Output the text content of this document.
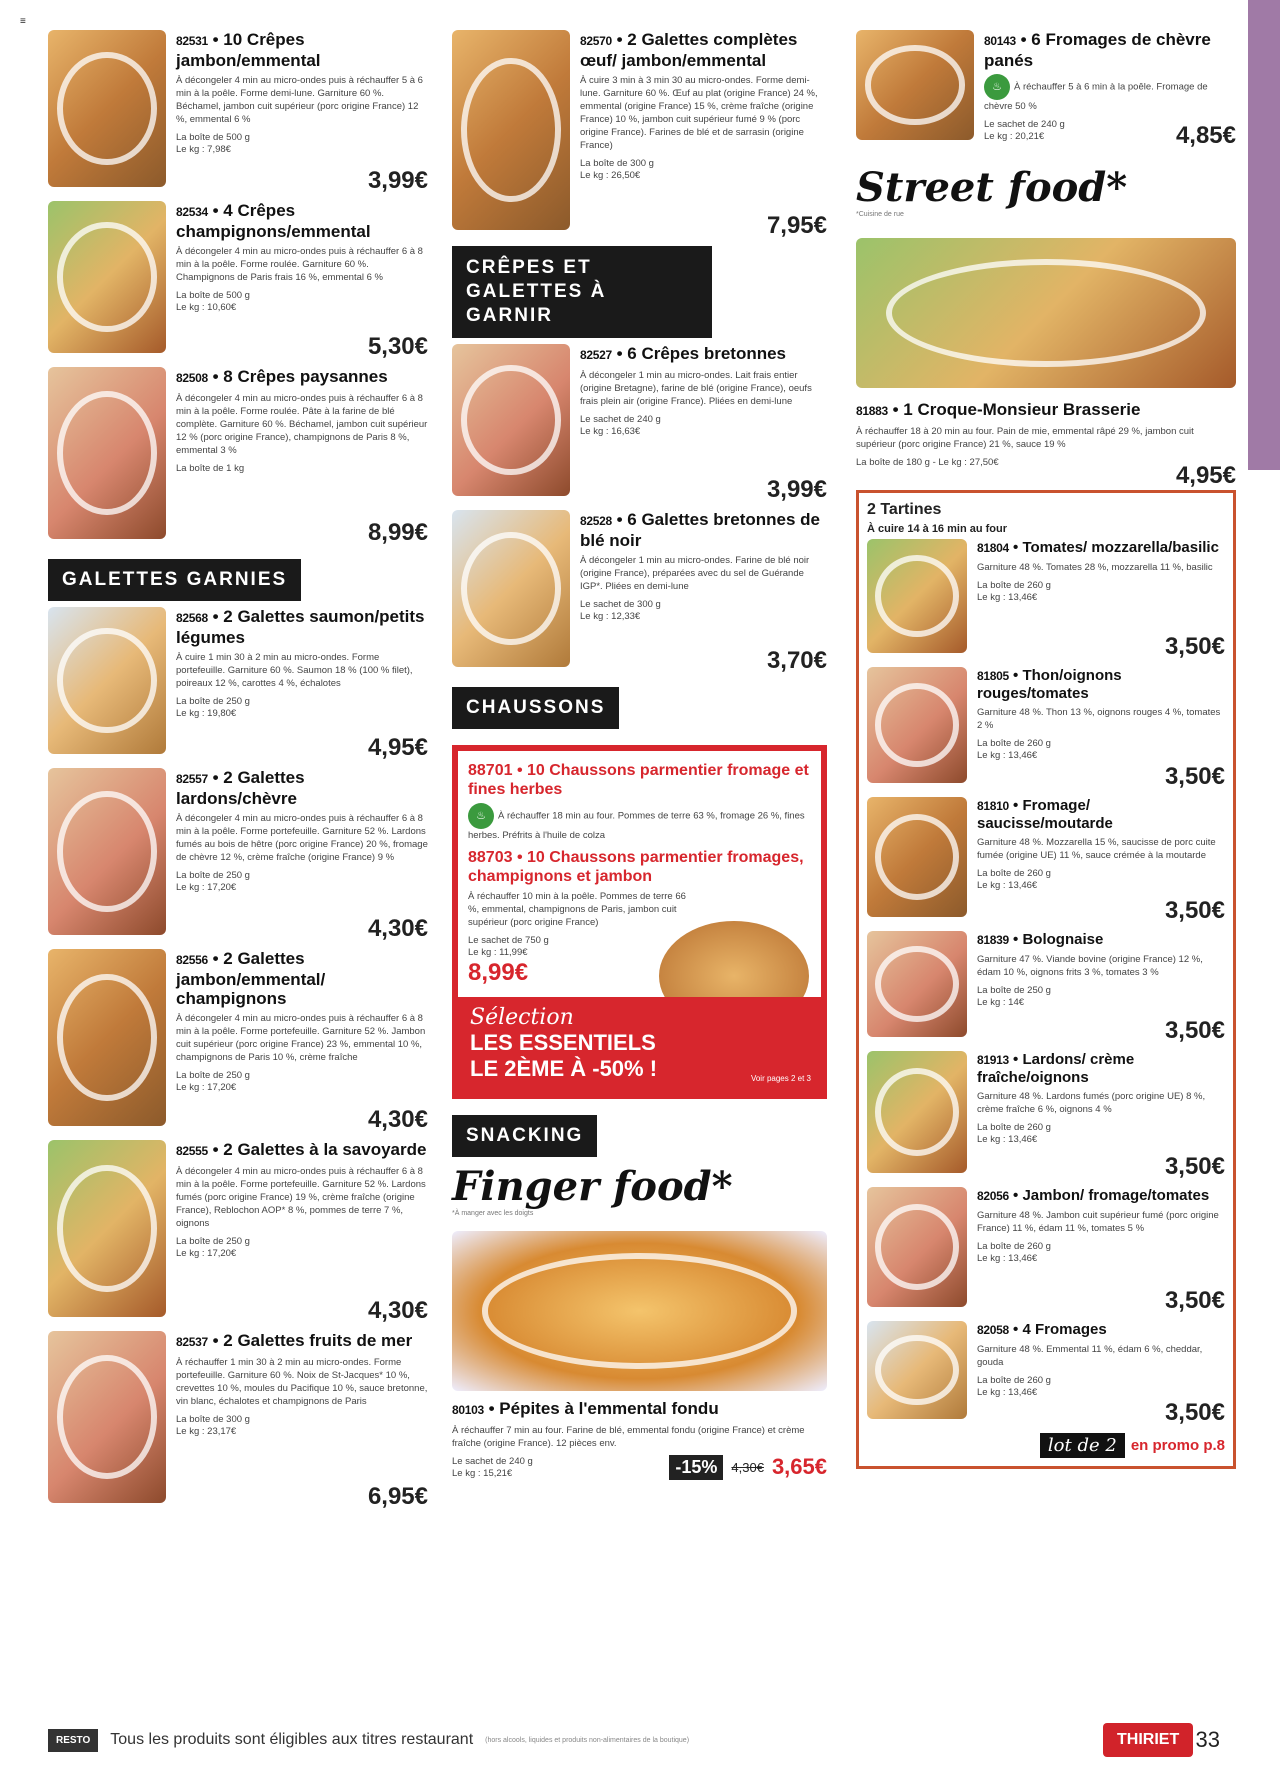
≡
82531 • 10 Crêpes jambon/emmental
À décongeler 4 min au micro-ondes puis à réchauffer 5 à 6 min à la poêle. Forme demi-lune. Garniture 60 %. Béchamel, jambon cuit supérieur (porc origine France) 12 %, emmental 6 %
La boîte de 500 g
Le kg : 7,98€
3,99€
82534 • 4 Crêpes champignons/emmental
À décongeler 4 min au micro-ondes puis à réchauffer 6 à 8 min à la poêle. Forme roulée. Garniture 60 %. Champignons de Paris frais 16 %, emmental 6 %
La boîte de 500 g
Le kg : 10,60€
5,30€
82508 • 8 Crêpes paysannes
À décongeler 4 min au micro-ondes puis à réchauffer 6 à 8 min à la poêle. Forme roulée. Pâte à la farine de blé complète. Garniture 60 %. Béchamel, jambon cuit supérieur 12 % (porc origine France), champignons de Paris 8 %, emmental 3 %
La boîte de 1 kg
8,99€
GALETTES GARNIES
82568 • 2 Galettes saumon/petits légumes
À cuire 1 min 30 à 2 min au micro-ondes. Forme portefeuille. Garniture 60 %. Saumon 18 % (100 % filet), poireaux 12 %, carottes 4 %, échalotes
La boîte de 250 g
Le kg : 19,80€
4,95€
82557 • 2 Galettes lardons/chèvre
À décongeler 4 min au micro-ondes puis à réchauffer 6 à 8 min à la poêle. Forme portefeuille. Garniture 52 %. Lardons fumés au bois de hêtre (porc origine France) 20 %, fromage de chèvre 12 %, crème fraîche (origine France) 9 %
La boîte de 250 g
Le kg : 17,20€
4,30€
82556 • 2 Galettes jambon/emmental/ champignons
À décongeler 4 min au micro-ondes puis à réchauffer 6 à 8 min à la poêle. Forme portefeuille. Garniture 52 %. Jambon cuit supérieur (porc origine France) 23 %, emmental 10 %, champignons de Paris 10 %, crème fraîche
La boîte de 250 g
Le kg : 17,20€
4,30€
82555 • 2 Galettes à la savoyarde
À décongeler 4 min au micro-ondes puis à réchauffer 6 à 8 min à la poêle. Forme portefeuille. Garniture 52 %. Lardons fumés (porc origine France) 19 %, crème fraîche (origine France), Reblochon AOP* 8 %, pommes de terre 7 %, oignons
La boîte de 250 g
Le kg : 17,20€
4,30€
82537 • 2 Galettes fruits de mer
À réchauffer 1 min 30 à 2 min au micro-ondes. Forme portefeuille. Garniture 60 %. Noix de St-Jacques* 10 %, crevettes 10 %, moules du Pacifique 10 %, sauce bretonne, vin blanc, échalotes et champignons de Paris
La boîte de 300 g
Le kg : 23,17€
6,95€
82570 • 2 Galettes complètes œuf/ jambon/emmental
À cuire 3 min à 3 min 30 au micro-ondes. Forme demi-lune. Garniture 60 %. Œuf au plat (origine France) 24 %, emmental (origine France) 15 %, crème fraîche (origine France) 10 %, jambon cuit supérieur fumé 9 % (porc origine France). Farines de blé et de sarrasin (origine France)
La boîte de 300 g
Le kg : 26,50€
7,95€
CRÊPES ET GALETTES À GARNIR
82527 • 6 Crêpes bretonnes
À décongeler 1 min au micro-ondes. Lait frais entier (origine Bretagne), farine de blé (origine France), oeufs frais plein air (origine France). Pliées en demi-lune
Le sachet de 240 g
Le kg : 16,63€
3,99€
82528 • 6 Galettes bretonnes de blé noir
À décongeler 1 min au micro-ondes. Farine de blé noir (origine France), préparées avec du sel de Guérande IGP*. Pliées en demi-lune
Le sachet de 300 g
Le kg : 12,33€
3,70€
CHAUSSONS
88701 • 10 Chaussons parmentier fromage et fines herbes
♨ À réchauffer 18 min au four. Pommes de terre 63 %, fromage 26 %, fines herbes. Préfrits à l'huile de colza
88703 • 10 Chaussons parmentier fromages, champignons et jambon
À réchauffer 10 min à la poêle. Pommes de terre 66 %, emmental, champignons de Paris, jambon cuit supérieur (porc origine France)
Le sachet de 750 g
Le kg : 11,99€
8,99€
Sélection
LES ESSENTIELS
LE 2ÈME À -50% !	Voir pages 2 et 3
SNACKING
Finger food*
*À manger avec les doigts
80103 • Pépites à l'emmental fondu
À réchauffer 7 min au four. Farine de blé, emmental fondu (origine France) et crème fraîche (origine France). 12 pièces env.
Le sachet de 240 g
Le kg : 15,21€	-15%	4,30€ 3,65€
80143 • 6 Fromages de chèvre panés
♨ À réchauffer 5 à 6 min à la poêle. Fromage de chèvre 50 %
Le sachet de 240 g
Le kg : 20,21€	4,85€
Street food*
*Cuisine de rue
81883 • 1 Croque-Monsieur Brasserie
À réchauffer 18 à 20 min au four. Pain de mie, emmental râpé 29 %, jambon cuit supérieur (porc origine France) 21 %, sauce 19 %
La boîte de 180 g - Le kg : 27,50€	4,95€
2 Tartines
À cuire 14 à 16 min au four
81804 • Tomates/ mozzarella/basilic
Garniture 48 %. Tomates 28 %, mozzarella 11 %, basilic
La boîte de 260 g
Le kg : 13,46€
3,50€
81805 • Thon/oignons rouges/tomates
Garniture 48 %. Thon 13 %, oignons rouges 4 %, tomates 2 %
La boîte de 260 g
Le kg : 13,46€
3,50€
81810 • Fromage/ saucisse/moutarde
Garniture 48 %. Mozzarella 15 %, saucisse de porc cuite fumée (origine UE) 11 %, sauce crémée à la moutarde
La boîte de 260 g
Le kg : 13,46€
3,50€
81839 • Bolognaise
Garniture 47 %. Viande bovine (origine France) 12 %, édam 10 %, oignons frits 3 %, tomates 3 %
La boîte de 250 g
Le kg : 14€
3,50€
81913 • Lardons/ crème fraîche/oignons
Garniture 48 %. Lardons fumés (porc origine UE) 8 %, crème fraîche 6 %, oignons 4 %
La boîte de 260 g
Le kg : 13,46€
3,50€
82056 • Jambon/ fromage/tomates
Garniture 48 %. Jambon cuit supérieur fumé (porc origine France) 11 %, édam 11 %, tomates 5 %
La boîte de 260 g
Le kg : 13,46€
3,50€
82058 • 4 Fromages
Garniture 48 %. Emmental 11 %, édam 6 %, cheddar, gouda
La boîte de 260 g
Le kg : 13,46€
3,50€
lot de 2 en promo p.8
RESTO	Tous les produits sont éligibles aux titres restaurant (hors alcools, liquides et produits non-alimentaires de la boutique)	THIRIET 33
